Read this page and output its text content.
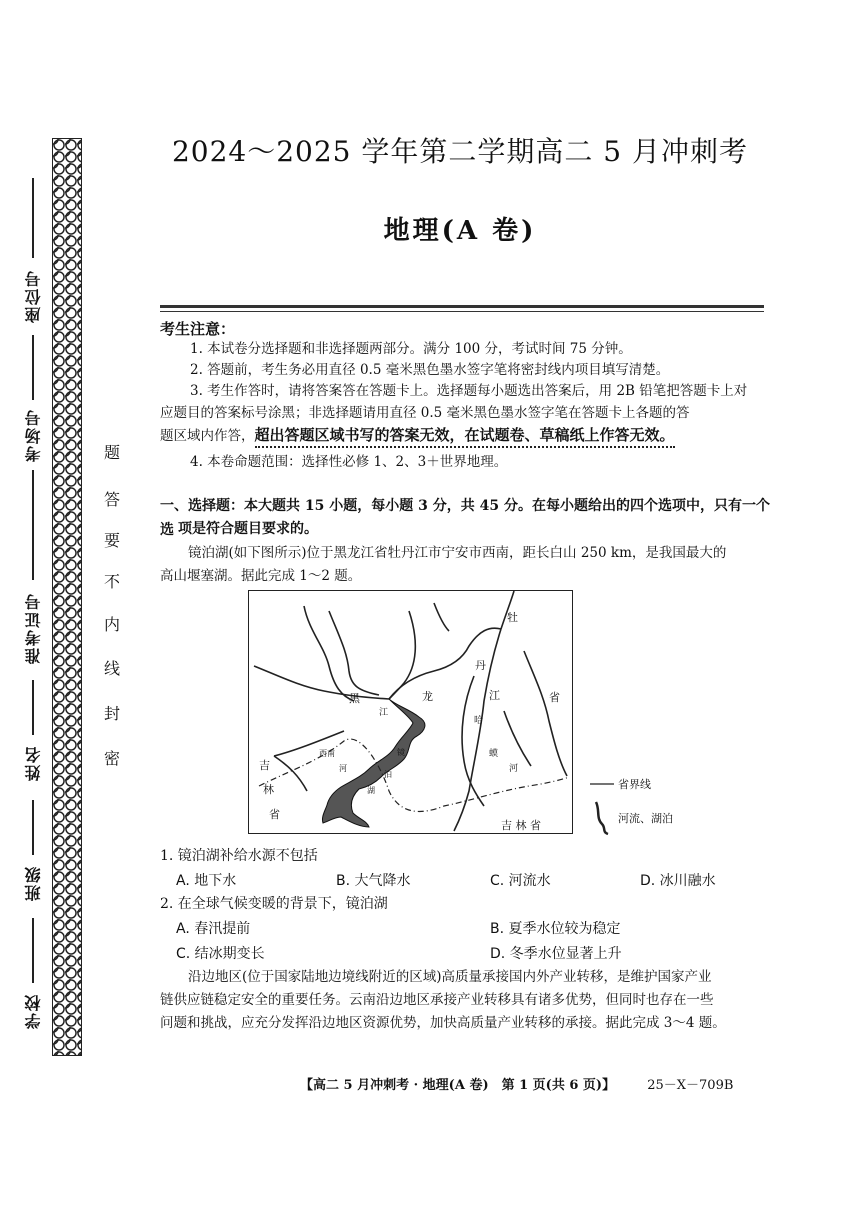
座位号
考场号
准考证号
姓名
班级
学校
题
答
要
不
内
线
封
密
2024～2025 学年第二学期高二 5 月冲刺考
地理(A 卷)
考生注意：
1. 本试卷分选择题和非选择题两部分。满分 100 分，考试时间 75 分钟。
2. 答题前，考生务必用直径 0.5 毫米黑色墨水签字笔将密封线内项目填写清楚。
3. 考生作答时，请将答案答在答题卡上。选择题每小题选出答案后，用 2B 铅笔把答题卡上对
应题目的答案标号涂黑；非选择题请用直径 0.5 毫米黑色墨水签字笔在答题卡上各题的答
题区域内作答，超出答题区域书写的答案无效，在试题卷、草稿纸上作答无效。
4. 本卷命题范围：选择性必修 1、2、3＋世界地理。
一、选择题：本大题共 15 小题，每小题 3 分，共 45 分。在每小题给出的四个选项中，只有一个选 项是符合题目要求的。
镜泊湖(如下图所示)位于黑龙江省牡丹江市宁安市西南，距长白山 250 km，是我国最大的
高山堰塞湖。据此完成 1～2 题。
牡
丹
江	省
黑	龙
江
哈
蟆
河
吉
林
省
西南
河
镜
泊
湖
吉 林 省
省界线
河流、湖泊
1. 镜泊湖补给水源不包括
A. 地下水	B. 大气降水	C. 河流水	D. 冰川融水
2. 在全球气候变暖的背景下，镜泊湖
A. 春汛提前	B. 夏季水位较为稳定
C. 结冰期变长	D. 冬季水位显著上升
沿边地区(位于国家陆地边境线附近的区域)高质量承接国内外产业转移，是维护国家产业
链供应链稳定安全的重要任务。云南沿边地区承接产业转移具有诸多优势，但同时也存在一些
问题和挑战，应充分发挥沿边地区资源优势，加快高质量产业转移的承接。据此完成 3～4 题。
【高二 5 月冲刺考 · 地理(A 卷)　第 1 页(共 6 页)】 25－X－709B
